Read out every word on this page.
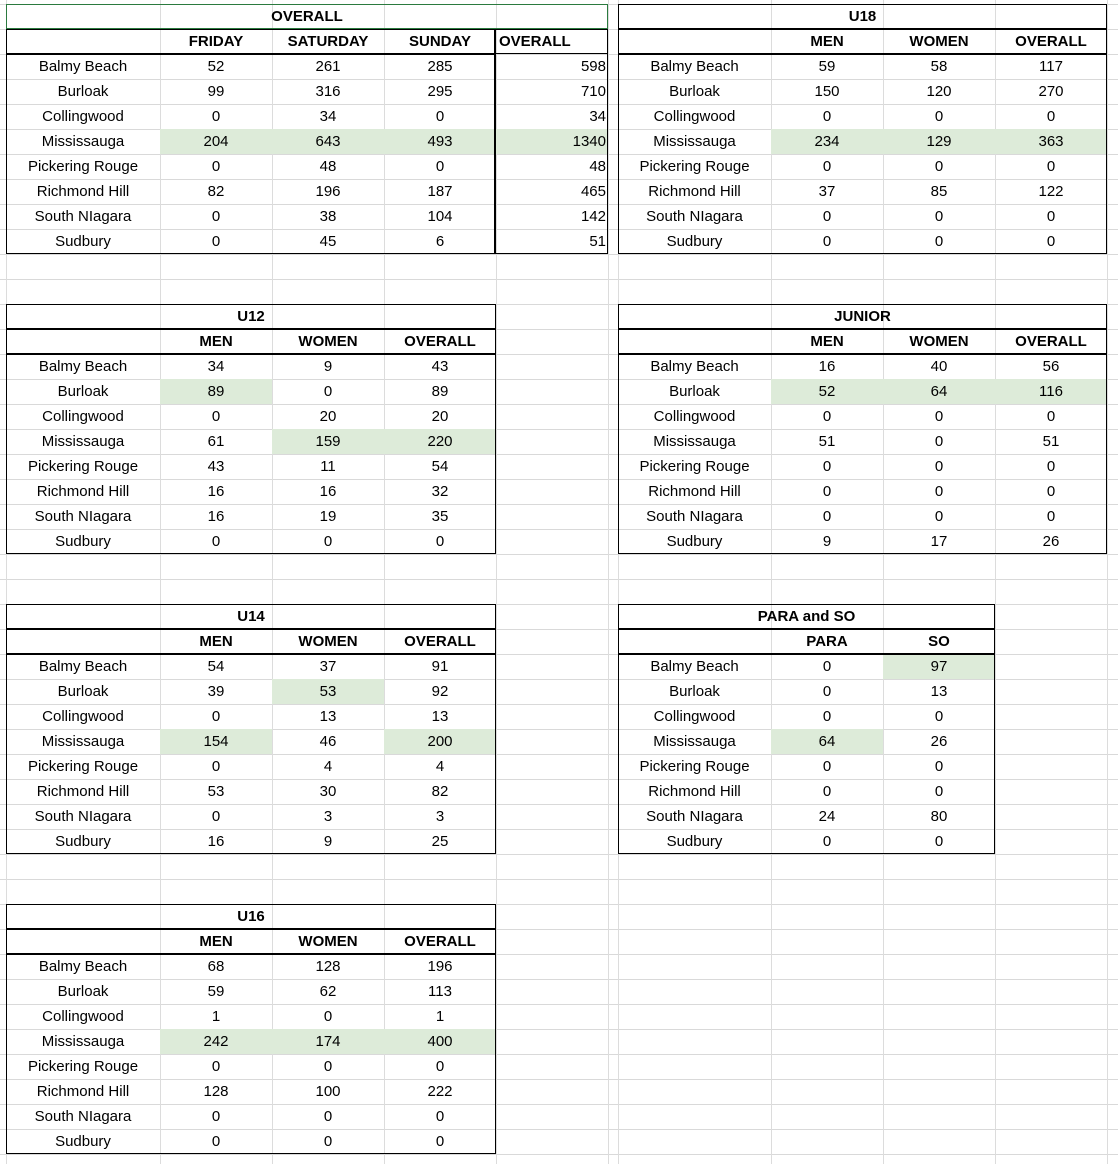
OVERALL
FRIDAY	SATURDAY	SUNDAY	OVERALL
Balmy Beach	52	261	285	598
Burloak	99	316	295	710
Collingwood	0	34	0	34
Mississauga	204	643	493	1340
Pickering Rouge	0	48	0	48
Richmond Hill	82	196	187	465
South NIagara	0	38	104	142
Sudbury	0	45	6	51
U18
MEN	WOMEN	OVERALL
Balmy Beach	59	58	117
Burloak	150	120	270
Collingwood	0	0	0
Mississauga	234	129	363
Pickering Rouge	0	0	0
Richmond Hill	37	85	122
South NIagara	0	0	0
Sudbury	0	0	0
U12
MEN	WOMEN	OVERALL
Balmy Beach	34	9	43
Burloak	89	0	89
Collingwood	0	20	20
Mississauga	61	159	220
Pickering Rouge	43	11	54
Richmond Hill	16	16	32
South NIagara	16	19	35
Sudbury	0	0	0
JUNIOR
MEN	WOMEN	OVERALL
Balmy Beach	16	40	56
Burloak	52	64	116
Collingwood	0	0	0
Mississauga	51	0	51
Pickering Rouge	0	0	0
Richmond Hill	0	0	0
South NIagara	0	0	0
Sudbury	9	17	26
U14
MEN	WOMEN	OVERALL
Balmy Beach	54	37	91
Burloak	39	53	92
Collingwood	0	13	13
Mississauga	154	46	200
Pickering Rouge	0	4	4
Richmond Hill	53	30	82
South NIagara	0	3	3
Sudbury	16	9	25
PARA and SO
PARA	SO
Balmy Beach	0	97
Burloak	0	13
Collingwood	0	0
Mississauga	64	26
Pickering Rouge	0	0
Richmond Hill	0	0
South NIagara	24	80
Sudbury	0	0
U16
MEN	WOMEN	OVERALL
Balmy Beach	68	128	196
Burloak	59	62	113
Collingwood	1	0	1
Mississauga	242	174	400
Pickering Rouge	0	0	0
Richmond Hill	128	100	222
South NIagara	0	0	0
Sudbury	0	0	0
